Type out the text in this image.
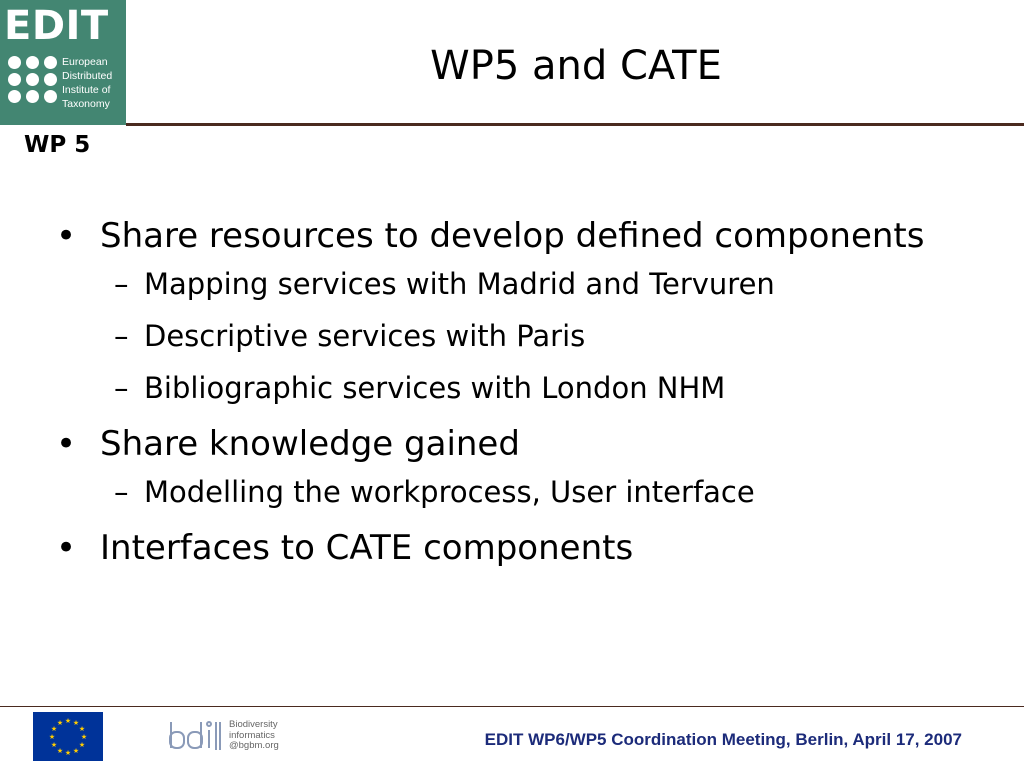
EDIT
European
Distributed
Institute of
Taxonomy
WP5 and CATE
WP 5
• Share resources to develop defined components
– Mapping services with Madrid and Tervuren
– Descriptive services with Paris
– Bibliographic services with London NHM
• Share knowledge gained
– Modelling the workprocess, User interface
• Interfaces to CATE components
★ ★
★
★
★
★
★
★
★
★
★
★	Biodiversity
informatics
@bgbm.org	EDIT WP6/WP5 Coordination Meeting, Berlin, April 17, 2007
